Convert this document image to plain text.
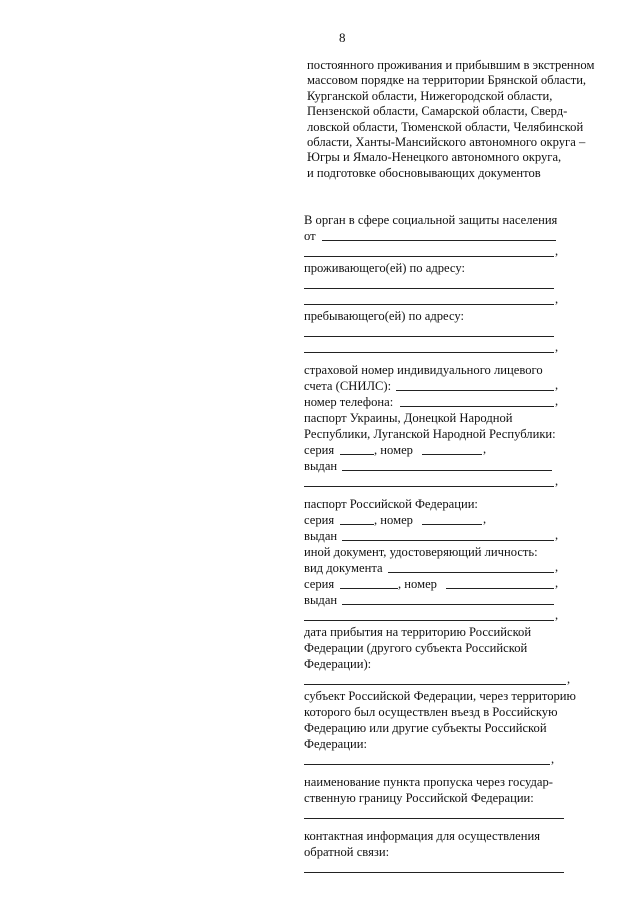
8
постоянного проживания и прибывшим в экстренном
массовом порядке на территории Брянской области,
Курганской области, Нижегородской области,
Пензенской области, Самарской области, Сверд-
ловской области, Тюменской области, Челябинской
области, Ханты-Мансийского автономного округа –
Югры и Ямало-Ненецкого автономного округа,
и подготовке обосновывающих документов
В орган в сфере социальной защиты населения
от
,
проживающего(ей) по адресу:
,
пребывающего(ей) по адресу:
,
страховой номер индивидуального лицевого
счета (СНИЛС):	,
номер телефона:	,
паспорт Украины, Донецкой Народной
Республики, Луганской Народной Республики:
серия	, номер	,
выдан
,
паспорт Российской Федерации:
серия	, номер	,
выдан	,
иной документ, удостоверяющий личность:
вид документа	,
серия	, номер	,
выдан
,
дата прибытия на территорию Российской
Федерации (другого субъекта Российской
Федерации):
,
субъект Российской Федерации, через территорию
которого был осуществлен въезд в Российскую
Федерацию или другие субъекты Российской
Федерации:
,
наименование пункта пропуска через государ-
ственную границу Российской Федерации:
контактная информация для осуществления
обратной связи:
